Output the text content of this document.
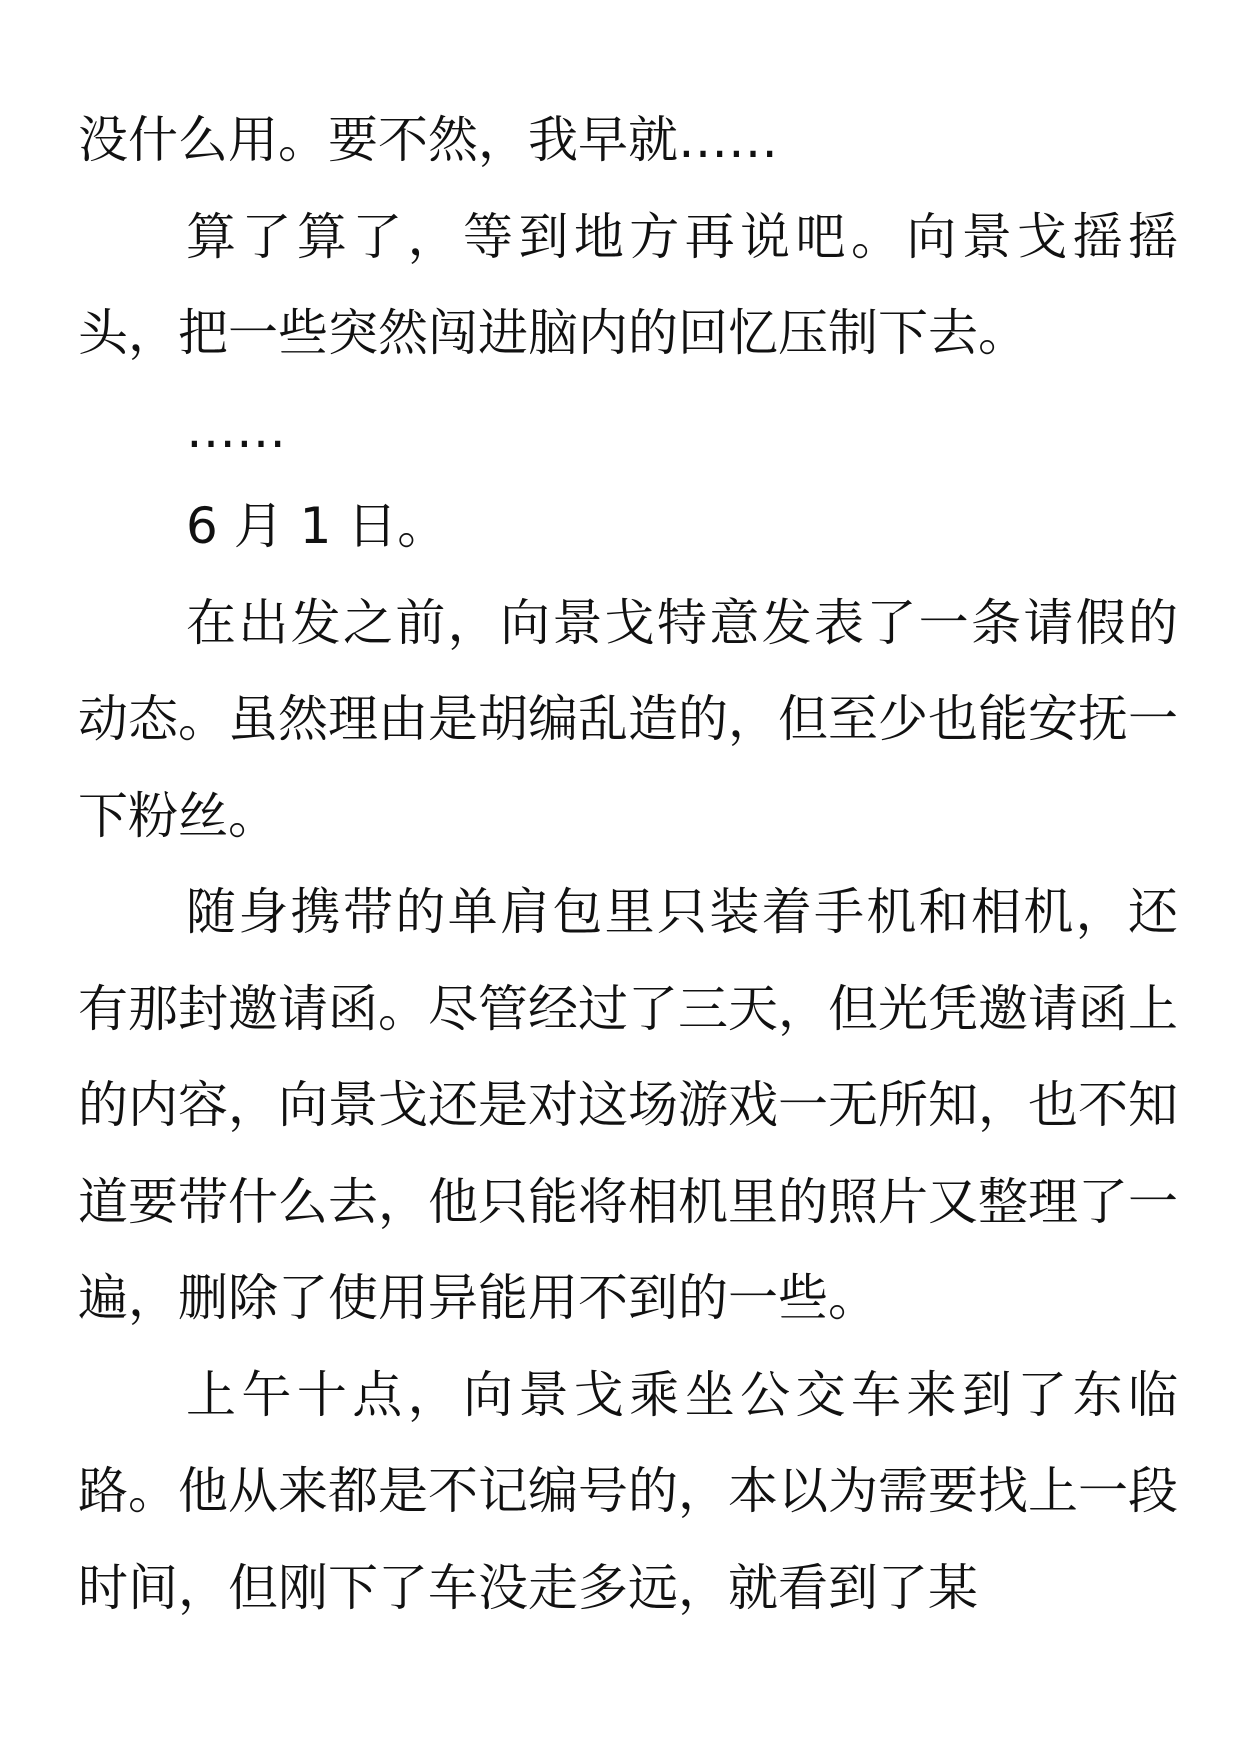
没什么用。要不然，我早就……

算了算了，等到地方再说吧。向景戈摇摇头，把一些突然闯进脑内的回忆压制下去。

……

6 月 1 日。

在出发之前，向景戈特意发表了一条请假的动态。虽然理由是胡编乱造的，但至少也能安抚一下粉丝。

随身携带的单肩包里只装着手机和相机，还有那封邀请函。尽管经过了三天，但光凭邀请函上的内容，向景戈还是对这场游戏一无所知，也不知道要带什么去，他只能将相机里的照片又整理了一遍，删除了使用异能用不到的一些。

上午十点，向景戈乘坐公交车来到了东临路。他从来都是不记编号的，本以为需要找上一段时间，但刚下了车没走多远，就看到了某
